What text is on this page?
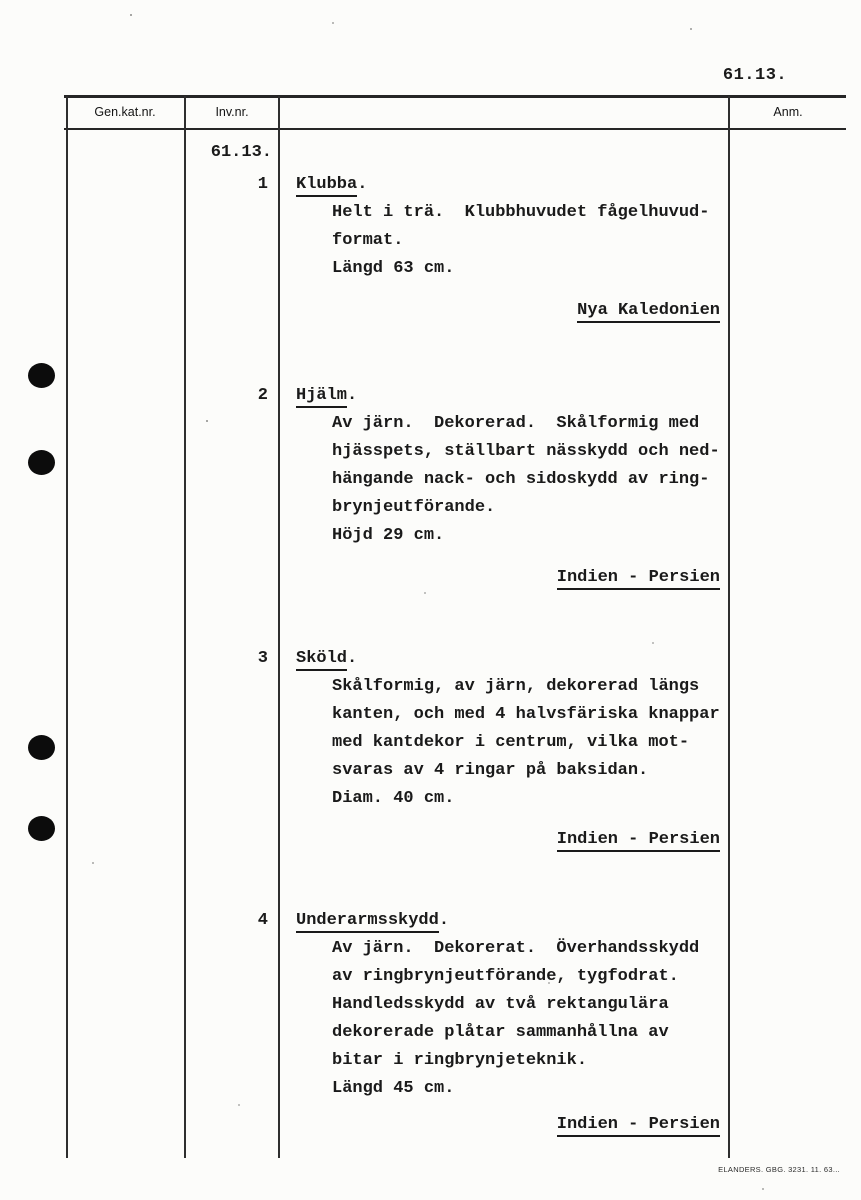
61.13.
Gen.kat.nr.	Inv.nr.	Anm.
61.13.
1 Klubba.
Helt i trä.  Klubbhuvudet fågelhuvud-
format.
Längd 63 cm.
Nya Kaledonien
2 Hjälm.
Av järn.  Dekorerad.  Skålformig med
hjässpets, ställbart nässkydd och ned-
hängande nack- och sidoskydd av ring-
brynjeutförande.
Höjd 29 cm.
Indien - Persien
3 Sköld.
Skålformig, av järn, dekorerad längs
kanten, och med 4 halvsfäriska knappar
med kantdekor i centrum, vilka mot-
svaras av 4 ringar på baksidan.
Diam. 40 cm.
Indien - Persien
4 Underarmsskydd.
Av järn.  Dekorerat.  Överhandsskydd
av ringbrynjeutförande, tygfodrat.
Handledsskydd av två rektangulära
dekorerade plåtar sammanhållna av
bitar i ringbrynjeteknik.
Längd 45 cm.
Indien - Persien
ELANDERS. GBG. 3231. 11. 63...
